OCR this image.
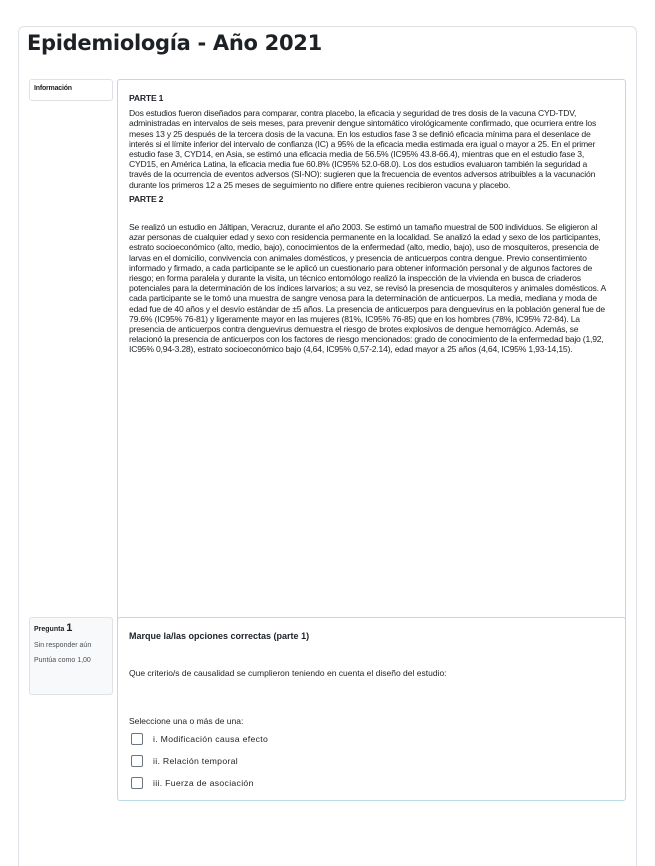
Epidemiología - Año 2021
Información
PARTE 1
Dos estudios fueron diseñados para comparar, contra placebo, la eficacia y seguridad de tres dosis de la vacuna CYD-TDV, administradas en intervalos de seis meses, para prevenir dengue sintomático virológicamente confirmado, que ocurriera entre los meses 13 y 25 después de la tercera dosis de la vacuna. En los estudios fase 3 se definió eficacia mínima para el desenlace de interés si el límite inferior del intervalo de confianza (IC) a 95% de la eficacia media estimada era igual o mayor a 25. En el primer estudio fase 3, CYD14, en Asia, se estimó una eficacia media de 56.5% (IC95% 43.8-66.4), mientras que en el estudio fase 3, CYD15, en América Latina, la eficacia media fue 60.8% (IC95% 52.0-68.0). Los dos estudios evaluaron también la seguridad a través de la ocurrencia de eventos adversos (SI-NO): sugieren que la frecuencia de eventos adversos atribuibles a la vacunación durante los primeros 12 a 25 meses de seguimiento no difiere entre quienes recibieron vacuna y placebo.
PARTE 2
Se realizó un estudio en Jáltipan, Veracruz, durante el año 2003. Se estimó un tamaño muestral de 500 individuos. Se eligieron al azar personas de cualquier edad y sexo con residencia permanente en la localidad. Se analizó la edad y sexo de los participantes, estrato socioeconómico (alto, medio, bajo), conocimientos de la enfermedad (alto, medio, bajo), uso de mosquiteros, presencia de larvas en el domicilio, convivencia con animales domésticos, y presencia de anticuerpos contra dengue. Previo consentimiento informado y firmado, a cada participante se le aplicó un cuestionario para obtener información personal y de algunos factores de riesgo; en forma paralela y durante la visita, un técnico entomólogo realizó la inspección de la vivienda en busca de criaderos potenciales para la determinación de los índices larvarios; a su vez, se revisó la presencia de mosquiteros y animales domésticos. A cada participante se le tomó una muestra de sangre venosa para la determinación de anticuerpos. La media, mediana y moda de edad fue de 40 años y el desvío estándar de ±5 años. La presencia de anticuerpos para denguevirus en la población general fue de 79.6% (IC95% 76-81) y ligeramente mayor en las mujeres (81%, IC95% 76-85) que en los hombres (78%, IC95% 72-84). La presencia de anticuerpos contra denguevirus demuestra el riesgo de brotes explosivos de dengue hemorrágico. Además, se relacionó la presencia de anticuerpos con los factores de riesgo mencionados: grado de conocimiento de la enfermedad bajo (1,92, IC95% 0,94-3.28), estrato socioeconómico bajo (4,64, IC95% 0,57-2.14), edad mayor a 25 años (4,64, IC95% 1,93-14,15).
Pregunta 1
Sin responder aún
Puntúa como 1,00
Marque la/las opciones correctas (parte 1)
Que criterio/s de causalidad se cumplieron teniendo en cuenta el diseño del estudio:
Seleccione una o más de una:
i. Modificación causa efecto
ii. Relación temporal
iii. Fuerza de asociación
